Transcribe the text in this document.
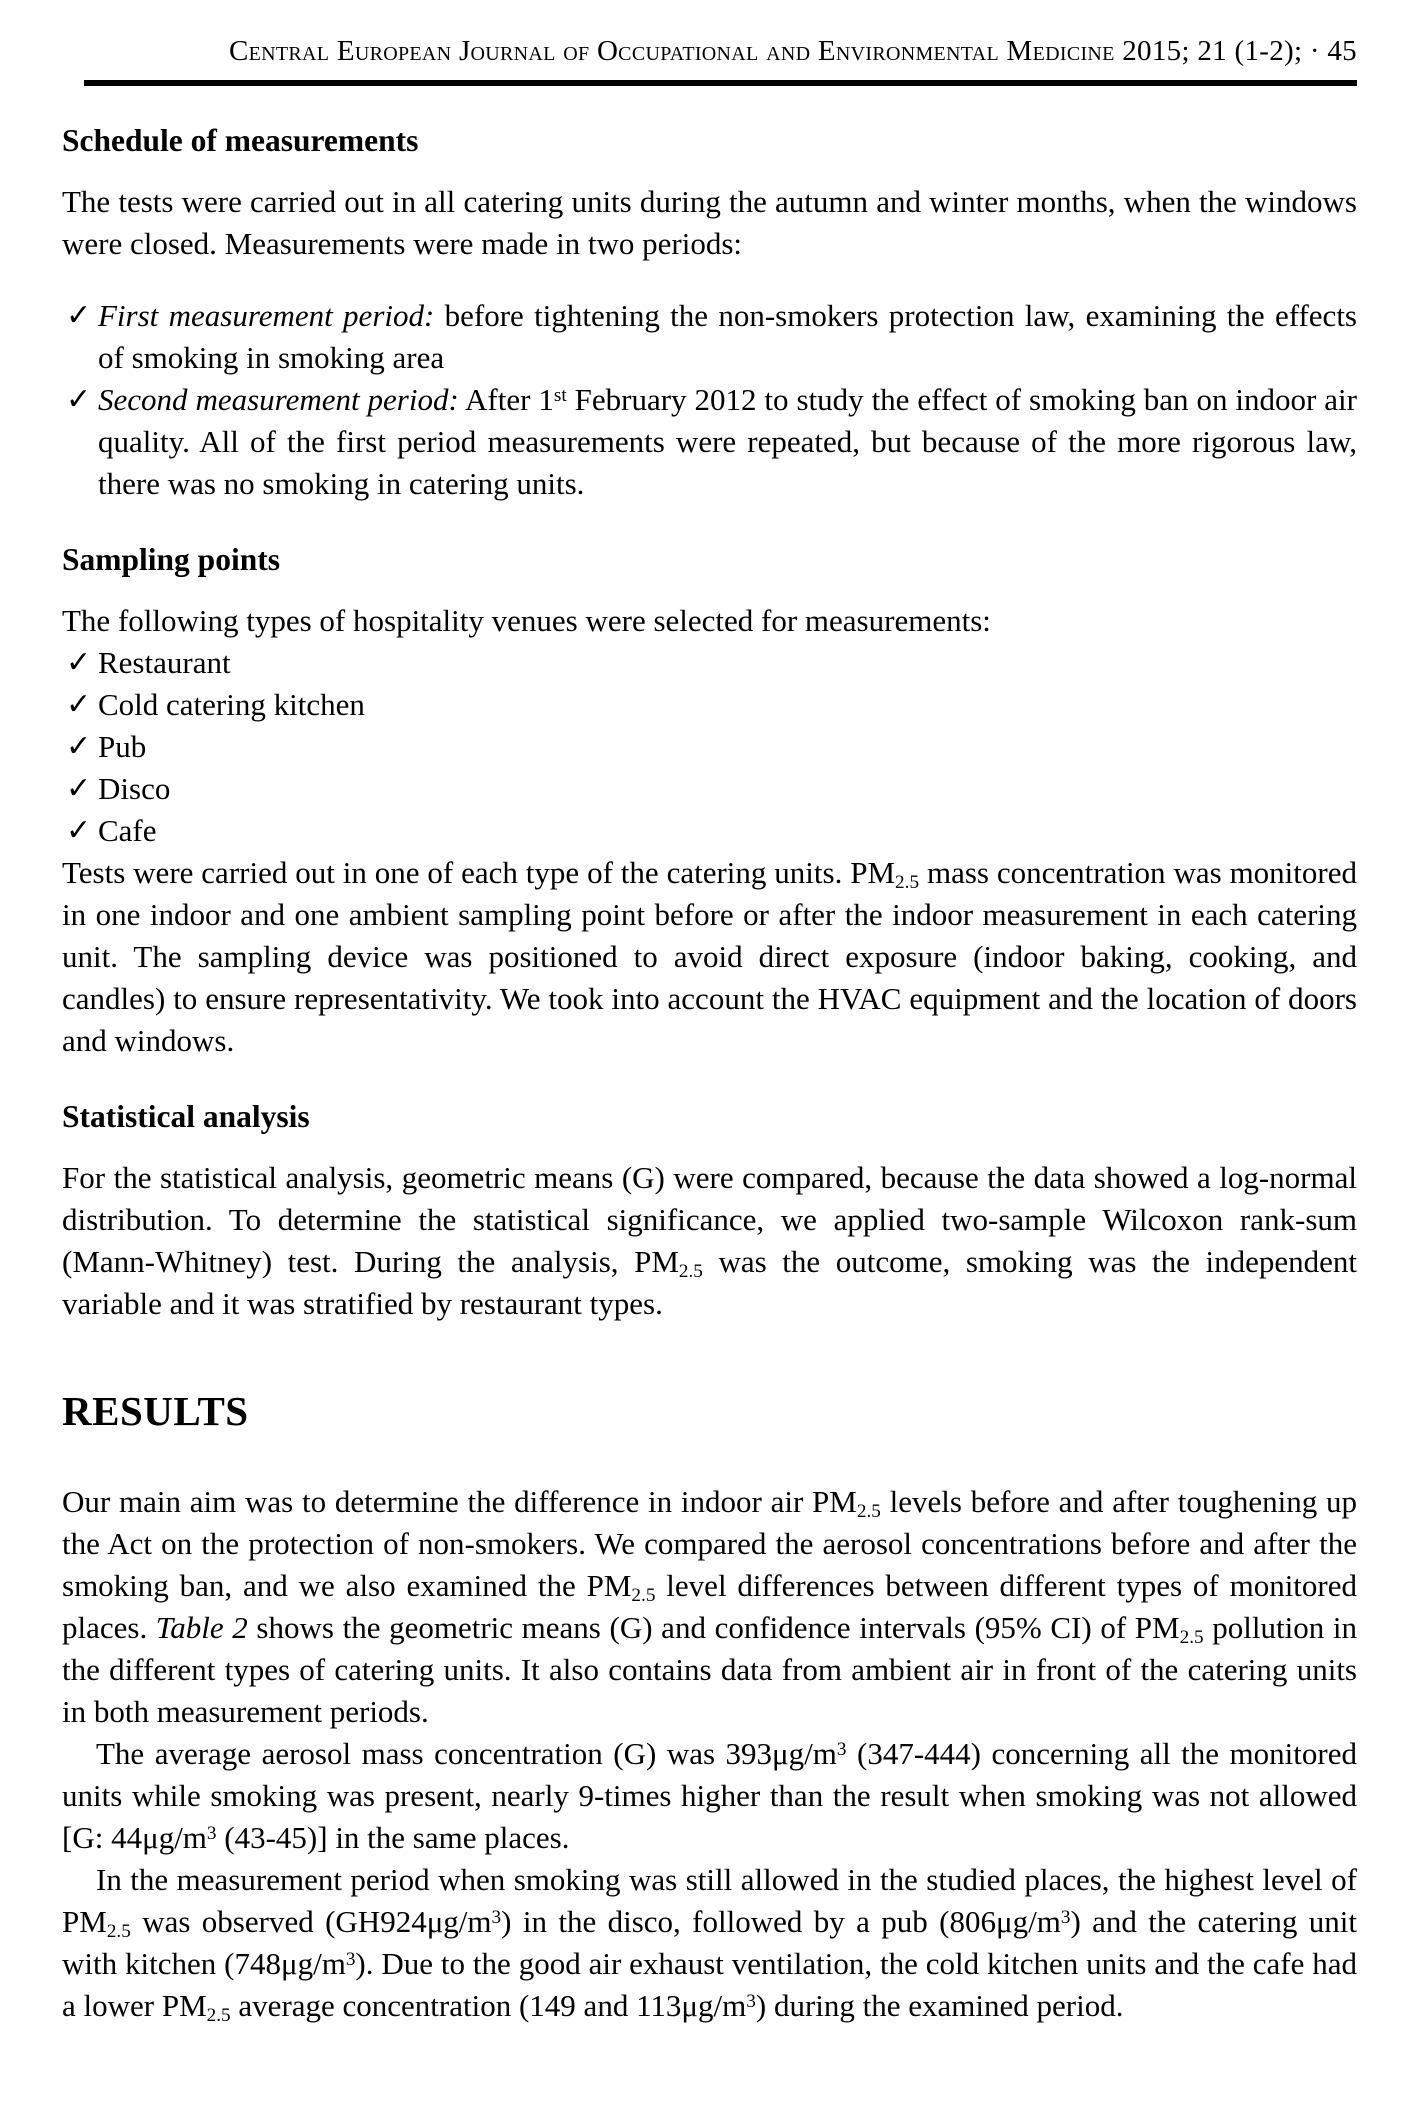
Central European Journal of Occupational and Environmental Medicine 2015; 21 (1-2); · 45
Schedule of measurements

The tests were carried out in all catering units during the autumn and winter months, when the windows were closed. Measurements were made in two periods:

✓ First measurement period: before tightening the non-smokers protection law, examining the effects of smoking in smoking area
✓ Second measurement period: After 1st February 2012 to study the effect of smoking ban on indoor air quality. All of the first period measurements were repeated, but because of the more rigorous law, there was no smoking in catering units.
Sampling points

The following types of hospitality venues were selected for measurements:

✓ Restaurant
✓ Cold catering kitchen
✓ Pub
✓ Disco
✓ Cafe

Tests were carried out in one of each type of the catering units. $PM_{2.5}$ mass concentration was monitored in one indoor and one ambient sampling point before or after the indoor measurement in each catering unit. The sampling device was positioned to avoid direct exposure (indoor baking, cooking, and candles) to ensure representativity. We took into account the HVAC equipment and the location of doors and windows.

Statistical analysis

For the statistical analysis, geometric means (G) were compared, because the data showed a log-normal distribution. To determine the statistical significance, we applied two-sample Wilcoxon rank-sum (Mann-Whitney) test. During the analysis, $PM_{2.5}$ was the outcome, smoking was the independent variable and it was stratified by restaurant types.

RESULTS

Our main aim was to determine the difference in indoor air $PM_{2.5}$ levels before and after toughening up the Act on the protection of non-smokers. We compared the aerosol concentrations before and after the smoking ban, and we also examined the $PM_{2.5}$ level differences between different types of monitored places. Table 2 shows the geometric means (G) and confidence intervals (95% CI) of $PM_{2.5}$ pollution in the different types of catering units. It also contains data from ambient air in front of the catering units in both measurement periods.

The average aerosol mass concentration (G) was $393\mu g/m^3$ (347-444) concerning all the monitored units while smoking was present, nearly 9-times higher than the result when smoking was not allowed [G: $44\mu g/m^3$ (43-45)] in the same places.

In the measurement period when smoking was still allowed in the studied places, the highest level of $PM_{2.5}$ was observed $(GH924\mu g/m^3)$ in the disco, followed by a pub $(806\mu g/m^3)$ and the catering unit with kitchen $(748\mu g/m^3)$. Due to the good air exhaust ventilation, the cold kitchen units and the cafe had a lower $PM_{2.5}$ average concentration (149 and $113\mu g/m^3$) during the examined period.
